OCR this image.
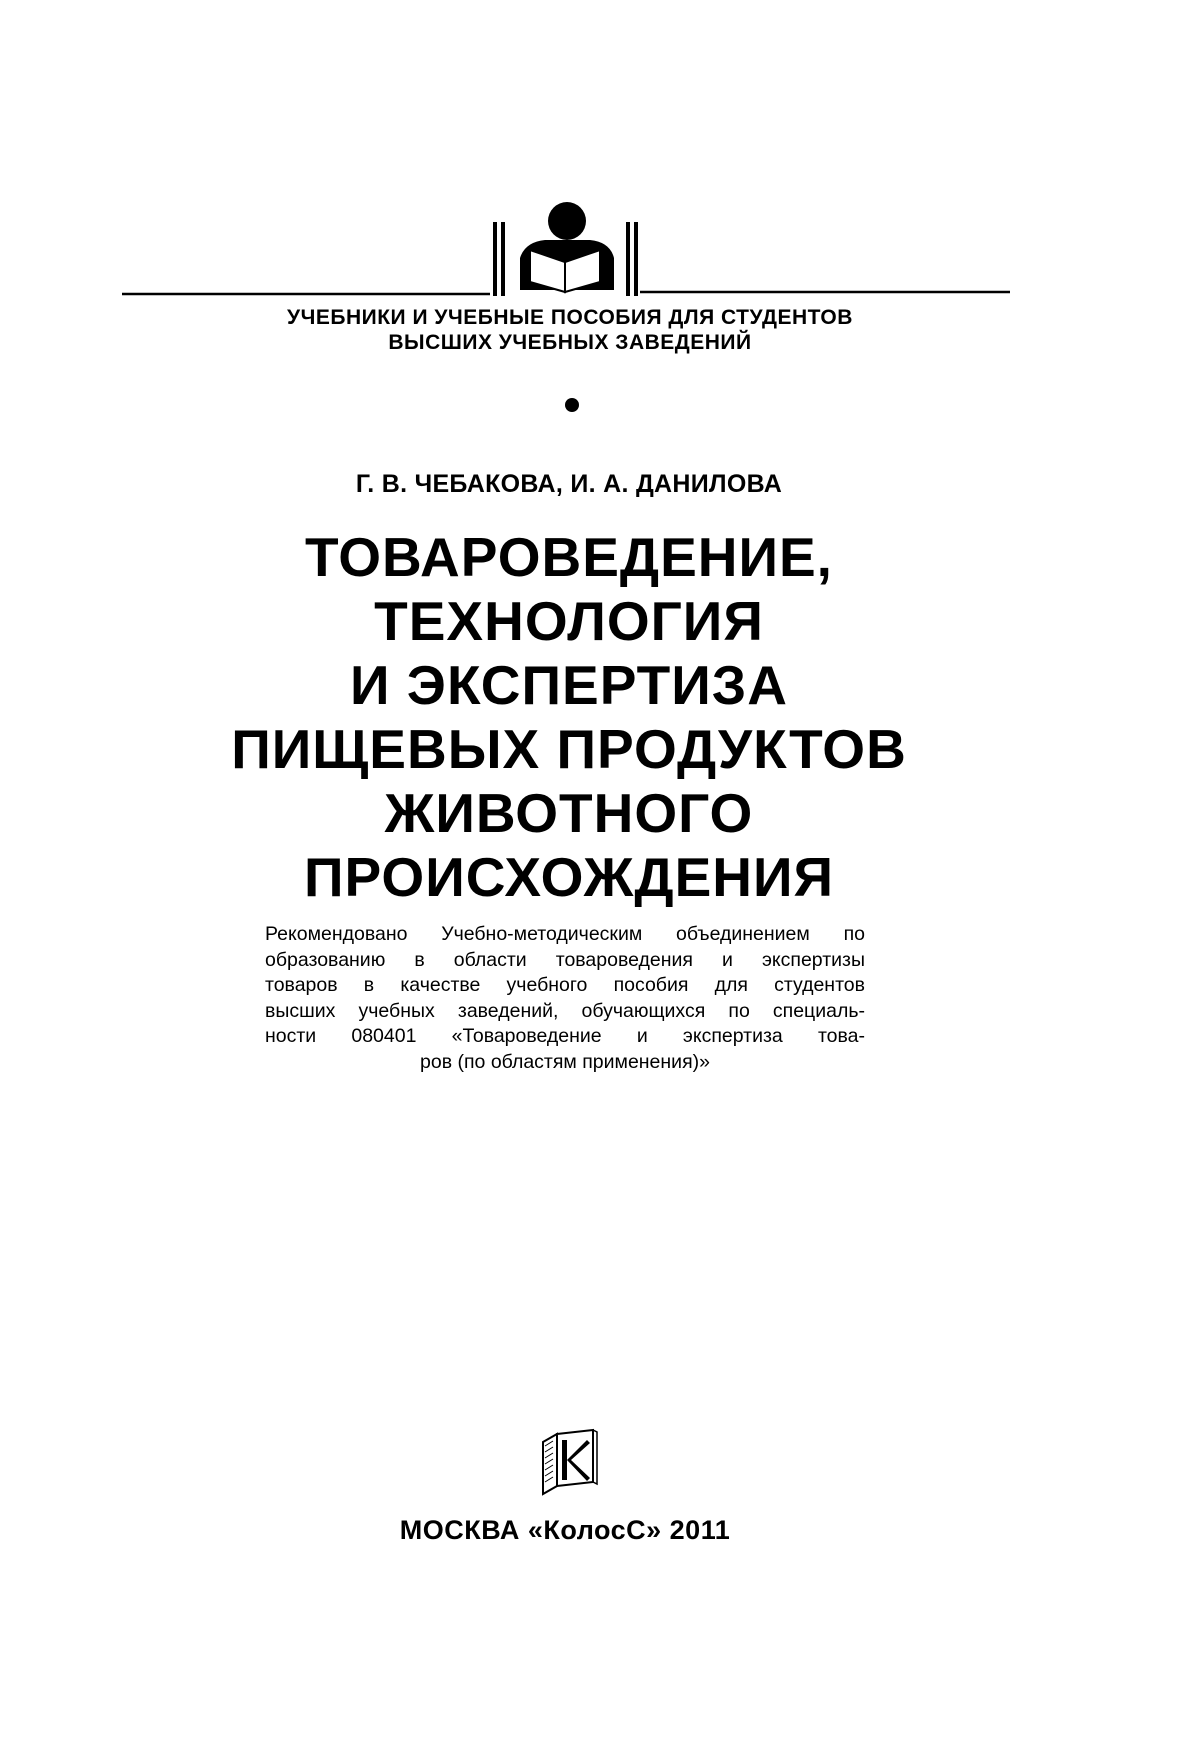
УЧЕБНИКИ И УЧЕБНЫЕ ПОСОБИЯ ДЛЯ СТУДЕНТОВ
ВЫСШИХ УЧЕБНЫХ ЗАВЕДЕНИЙ
Г. В. ЧЕБАКОВА, И. А. ДАНИЛОВА
ТОВАРОВЕДЕНИЕ,
ТЕХНОЛОГИЯ
И ЭКСПЕРТИЗА
ПИЩЕВЫХ ПРОДУКТОВ
ЖИВОТНОГО
ПРОИСХОЖДЕНИЯ
Рекомендовано Учебно-методическим объединением по
образованию в области товароведения и экспертизы
товаров в качестве учебного пособия для студентов
высших учебных заведений, обучающихся по специаль-
ности 080401 «Товароведение и экспертиза това-
ров (по областям применения)»
МОСКВА «КолосС» 2011
